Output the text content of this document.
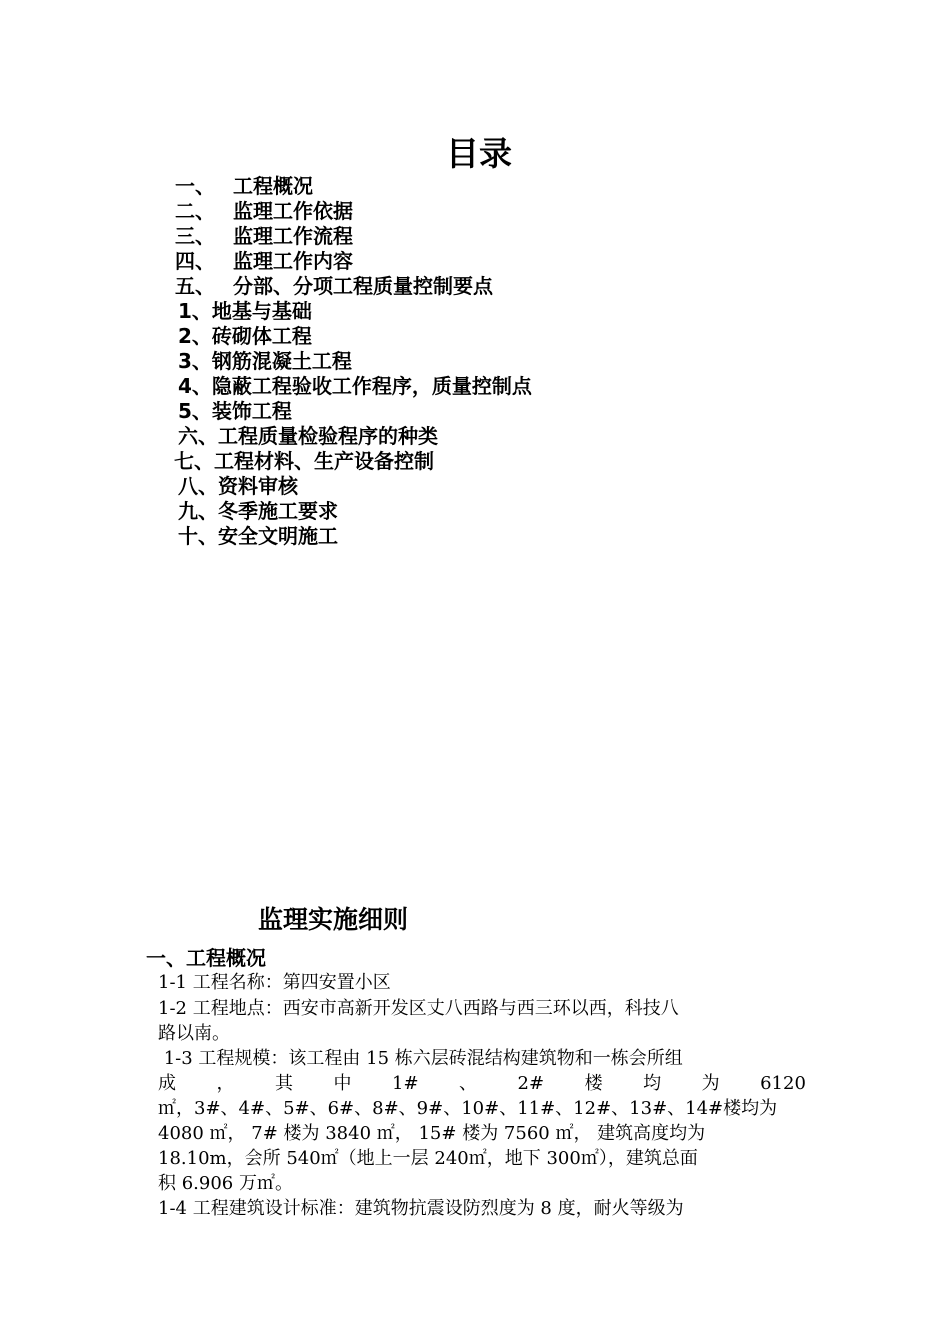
目录
一、 工程概况
二、 监理工作依据
三、 监理工作流程
四、 监理工作内容
五、 分部、分项工程质量控制要点
1、地基与基础
2、砖砌体工程
3、钢筋混凝土工程
4、隐蔽工程验收工作程序，质量控制点
5、装饰工程
六、工程质量检验程序的种类
七、工程材料、生产设备控制
八、资料审核
九、冬季施工要求
十、安全文明施工
监理实施细则
一、工程概况
1-1 工程名称：第四安置小区
1-2 工程地点：西安市高新开发区丈八西路与西三环以西，科技八
路以南。
1-3 工程规模：该工程由 15 栋六层砖混结构建筑物和一栋会所组
成 ， 其 中 1# 、 2# 楼 均 为 6120
㎡，3#、4#、5#、6#、8#、9#、10#、11#、12#、13#、14#楼均为
4080 ㎡， 7# 楼为 3840 ㎡， 15# 楼为 7560 ㎡， 建筑高度均为
18.10m，会所 540㎡（地上一层 240㎡，地下 300㎡），建筑总面
积 6.906 万㎡。
1-4 工程建筑设计标准：建筑物抗震设防烈度为 8 度，耐火等级为
